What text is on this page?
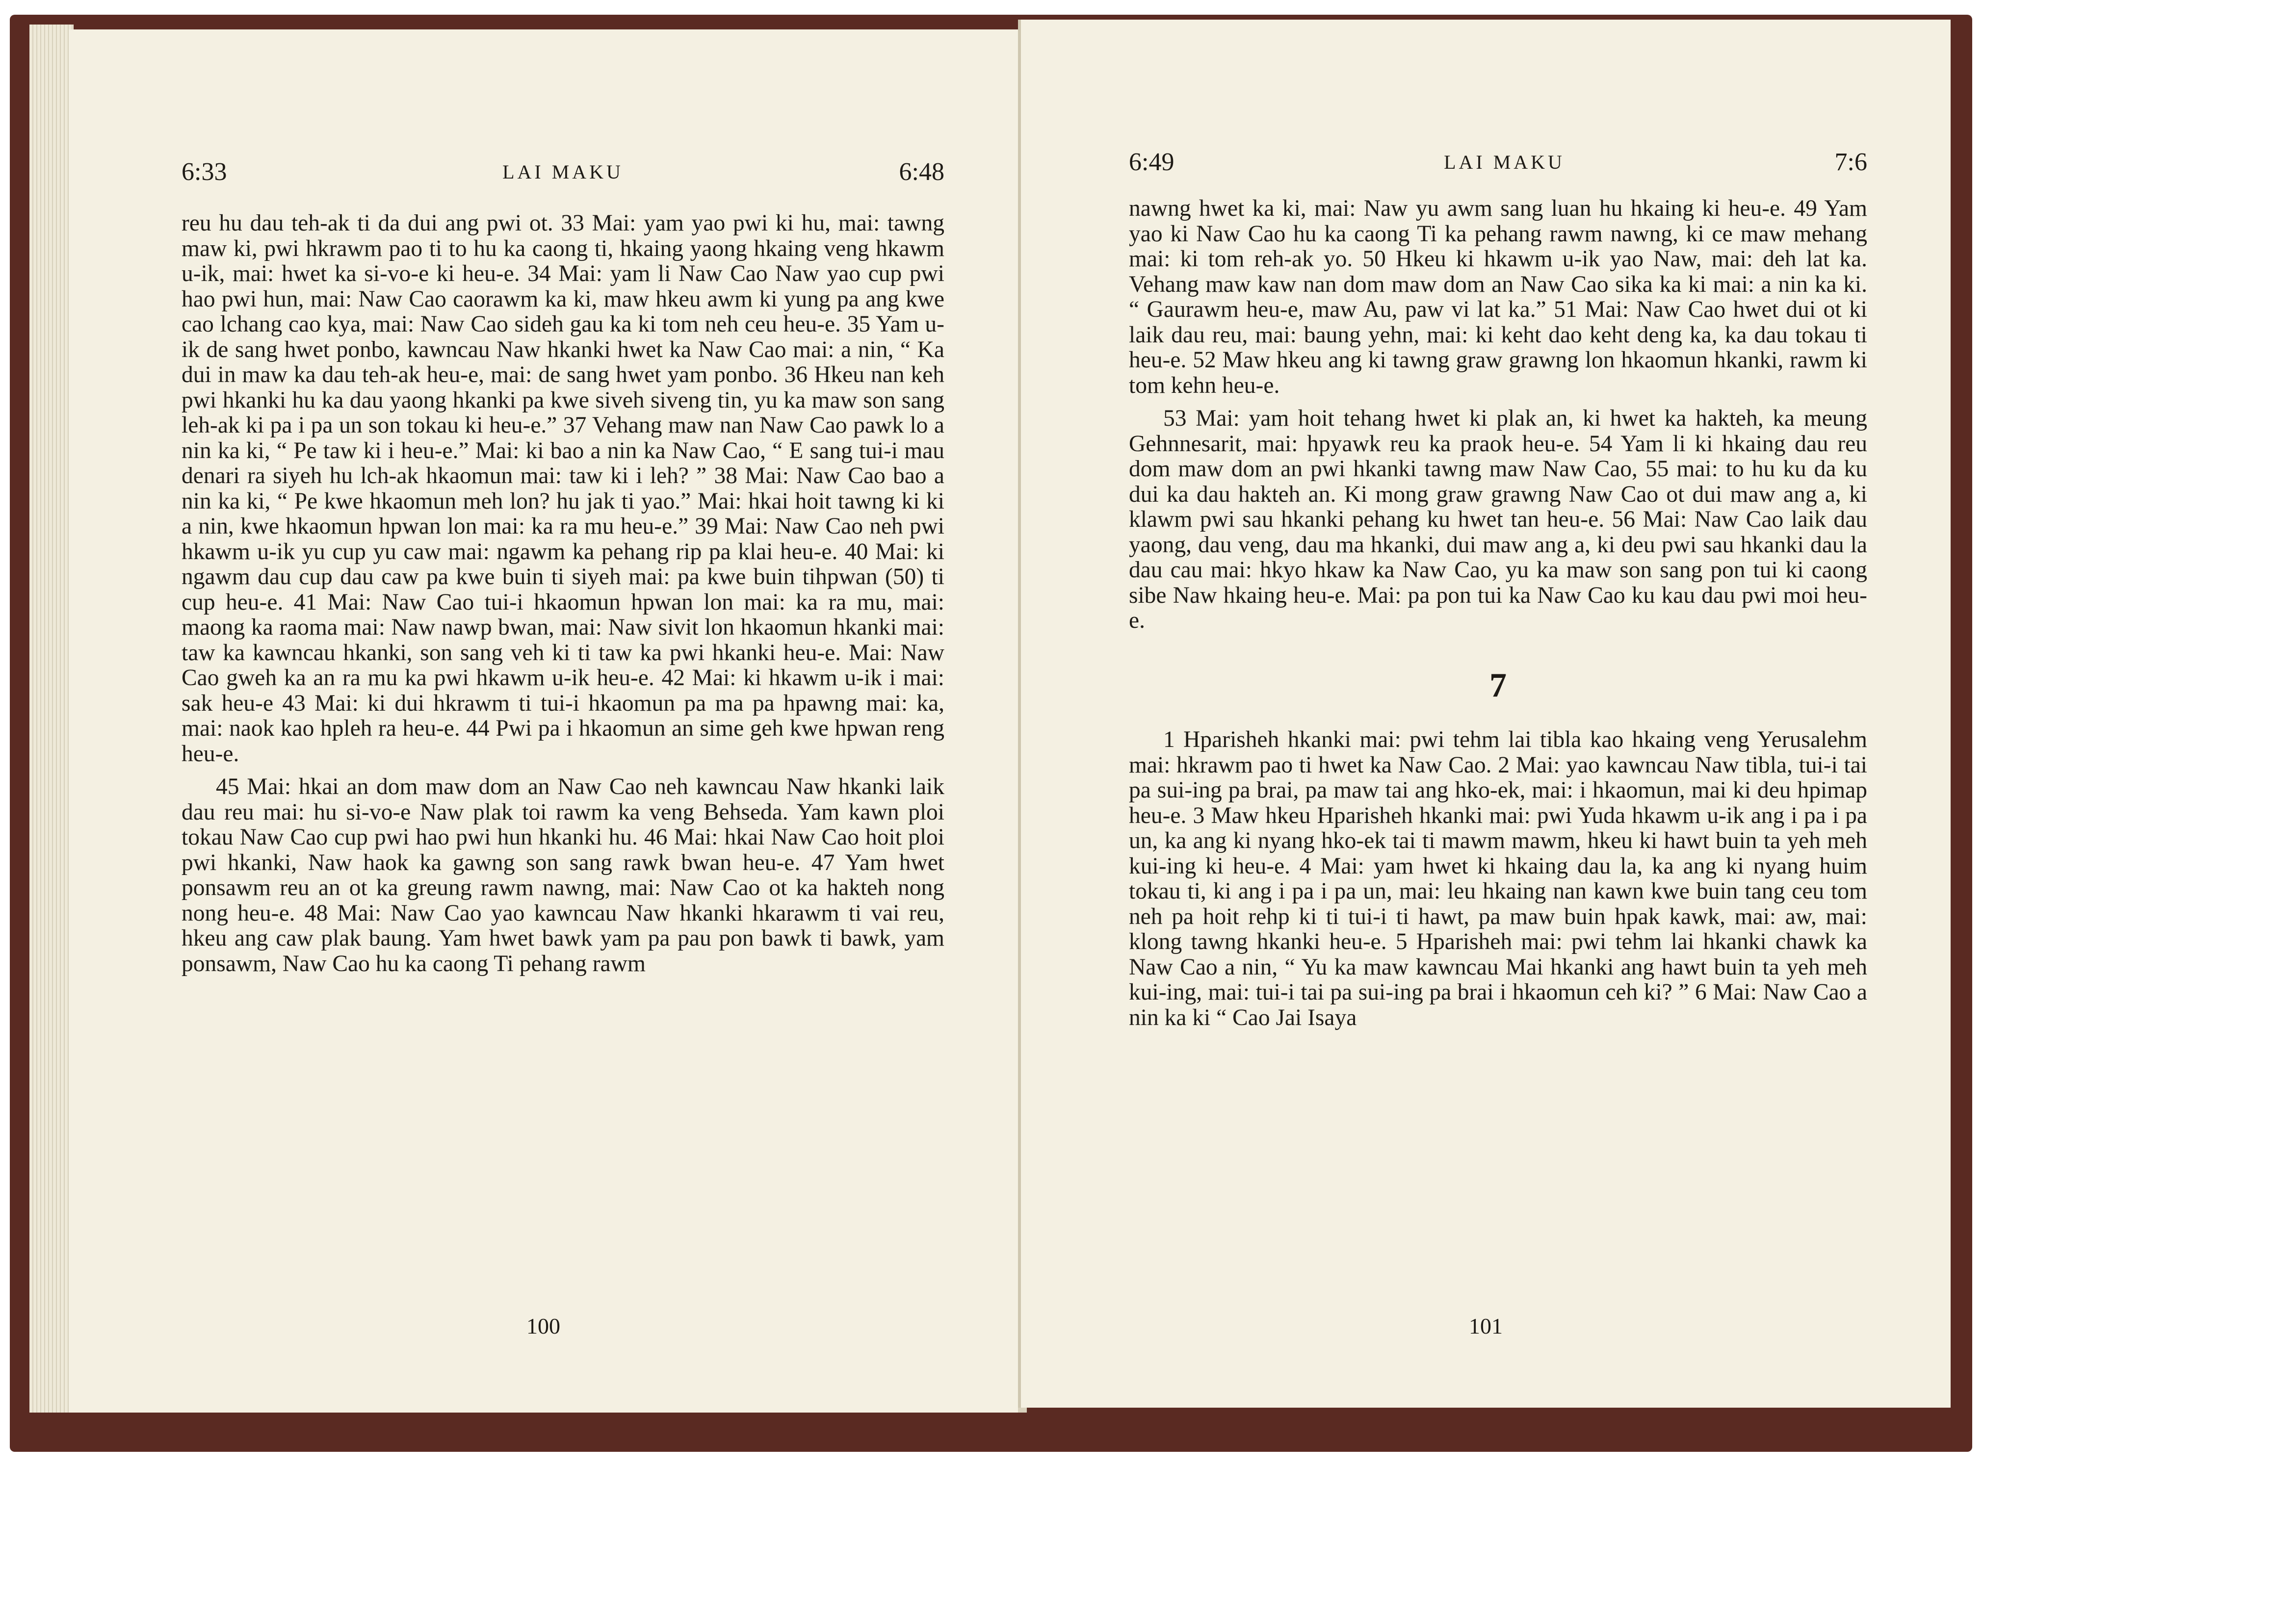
6:33	LAI MAKU	6:48

reu hu dau teh-ak ti da dui ang pwi ot. 33 Mai: yam yao pwi ki hu, mai: tawng maw ki, pwi hkrawm pao ti to hu ka caong ti, hkaing yaong hkaing veng hkawm u-ik, mai: hwet ka si-vo-e ki heu-e. 34 Mai: yam li Naw Cao Naw yao cup pwi hao pwi hun, mai: Naw Cao caorawm ka ki, maw hkeu awm ki yung pa ang kwe cao lchang cao kya, mai: Naw Cao sideh gau ka ki tom neh ceu heu-e. 35 Yam u-ik de sang hwet ponbo, kawncau Naw hkanki hwet ka Naw Cao mai: a nin, “ Ka dui in maw ka dau teh-ak heu-e, mai: de sang hwet yam ponbo. 36 Hkeu nan keh pwi hkanki hu ka dau yaong hkanki pa kwe siveh siveng tin, yu ka maw son sang leh-ak ki pa i pa un son tokau ki heu-e.” 37 Vehang maw nan Naw Cao pawk lo a nin ka ki, “ Pe taw ki i heu-e.” Mai: ki bao a nin ka Naw Cao, “ E sang tui-i mau denari ra siyeh hu lch-ak hkaomun mai: taw ki i leh? ” 38 Mai: Naw Cao bao a nin ka ki, “ Pe kwe hkaomun meh lon? hu jak ti yao.” Mai: hkai hoit tawng ki ki a nin, kwe hkaomun hpwan lon mai: ka ra mu heu-e.” 39 Mai: Naw Cao neh pwi hkawm u-ik yu cup yu caw mai: ngawm ka pehang rip pa klai heu-e. 40 Mai: ki ngawm dau cup dau caw pa kwe buin ti siyeh mai: pa kwe buin tihpwan (50) ti cup heu-e. 41 Mai: Naw Cao tui-i hkaomun hpwan lon mai: ka ra mu, mai: maong ka raoma mai: Naw nawp bwan, mai: Naw sivit lon hkaomun hkanki mai: taw ka kawncau hkanki, son sang veh ki ti taw ka pwi hkanki heu-e. Mai: Naw Cao gweh ka an ra mu ka pwi hkawm u-ik heu-e. 42 Mai: ki hkawm u-ik i mai: sak heu-e 43 Mai: ki dui hkrawm ti tui-i hkaomun pa ma pa hpawng mai: ka, mai: naok kao hpleh ra heu-e. 44 Pwi pa i hkaomun an sime geh kwe hpwan reng heu-e.

45 Mai: hkai an dom maw dom an Naw Cao neh kawncau Naw hkanki laik dau reu mai: hu si-vo-e Naw plak toi rawm ka veng Behseda. Yam kawn ploi tokau Naw Cao cup pwi hao pwi hun hkanki hu. 46 Mai: hkai Naw Cao hoit ploi pwi hkanki, Naw haok ka gawng son sang rawk bwan heu-e. 47 Yam hwet ponsawm reu an ot ka greung rawm nawng, mai: Naw Cao ot ka hakteh nong nong heu-e. 48 Mai: Naw Cao yao kawncau Naw hkanki hkarawm ti vai reu, hkeu ang caw plak baung. Yam hwet bawk yam pa pau pon bawk ti bawk, yam ponsawm, Naw Cao hu ka caong Ti pehang rawm

100
6:49	LAI MAKU	7:6

nawng hwet ka ki, mai: Naw yu awm sang luan hu hkaing ki heu-e. 49 Yam yao ki Naw Cao hu ka caong Ti ka pehang rawm nawng, ki ce maw mehang mai: ki tom reh-ak yo. 50 Hkeu ki hkawm u-ik yao Naw, mai: deh lat ka. Vehang maw kaw nan dom maw dom an Naw Cao sika ka ki mai: a nin ka ki. “ Gaurawm heu-e, maw Au, paw vi lat ka.” 51 Mai: Naw Cao hwet dui ot ki laik dau reu, mai: baung yehn, mai: ki keht dao keht deng ka, ka dau tokau ti heu-e. 52 Maw hkeu ang ki tawng graw grawng lon hkaomun hkanki, rawm ki tom kehn heu-e.

53 Mai: yam hoit tehang hwet ki plak an, ki hwet ka hakteh, ka meung Gehnnesarit, mai: hpyawk reu ka praok heu-e. 54 Yam li ki hkaing dau reu dom maw dom an pwi hkanki tawng maw Naw Cao, 55 mai: to hu ku da ku dui ka dau hakteh an. Ki mong graw grawng Naw Cao ot dui maw ang a, ki klawm pwi sau hkanki pehang ku hwet tan heu-e. 56 Mai: Naw Cao laik dau yaong, dau veng, dau ma hkanki, dui maw ang a, ki deu pwi sau hkanki dau la dau cau mai: hkyo hkaw ka Naw Cao, yu ka maw son sang pon tui ki caong sibe Naw hkaing heu-e. Mai: pa pon tui ka Naw Cao ku kau dau pwi moi heu-e.

7

1 Hparisheh hkanki mai: pwi tehm lai tibla kao hkaing veng Yerusalehm mai: hkrawm pao ti hwet ka Naw Cao. 2 Mai: yao kawncau Naw tibla, tui-i tai pa sui-ing pa brai, pa maw tai ang hko-ek, mai: i hkaomun, mai ki deu hpimap heu-e. 3 Maw hkeu Hparisheh hkanki mai: pwi Yuda hkawm u-ik ang i pa i pa un, ka ang ki nyang hko-ek tai ti mawm mawm, hkeu ki hawt buin ta yeh meh kui-ing ki heu-e. 4 Mai: yam hwet ki hkaing dau la, ka ang ki nyang huim tokau ti, ki ang i pa i pa un, mai: leu hkaing nan kawn kwe buin tang ceu tom neh pa hoit rehp ki ti tui-i ti hawt, pa maw buin hpak kawk, mai: aw, mai: klong tawng hkanki heu-e. 5 Hparisheh mai: pwi tehm lai hkanki chawk ka Naw Cao a nin, “ Yu ka maw kawncau Mai hkanki ang hawt buin ta yeh meh kui-ing, mai: tui-i tai pa sui-ing pa brai i hkaomun ceh ki? ” 6 Mai: Naw Cao a nin ka ki “ Cao Jai Isaya

101
